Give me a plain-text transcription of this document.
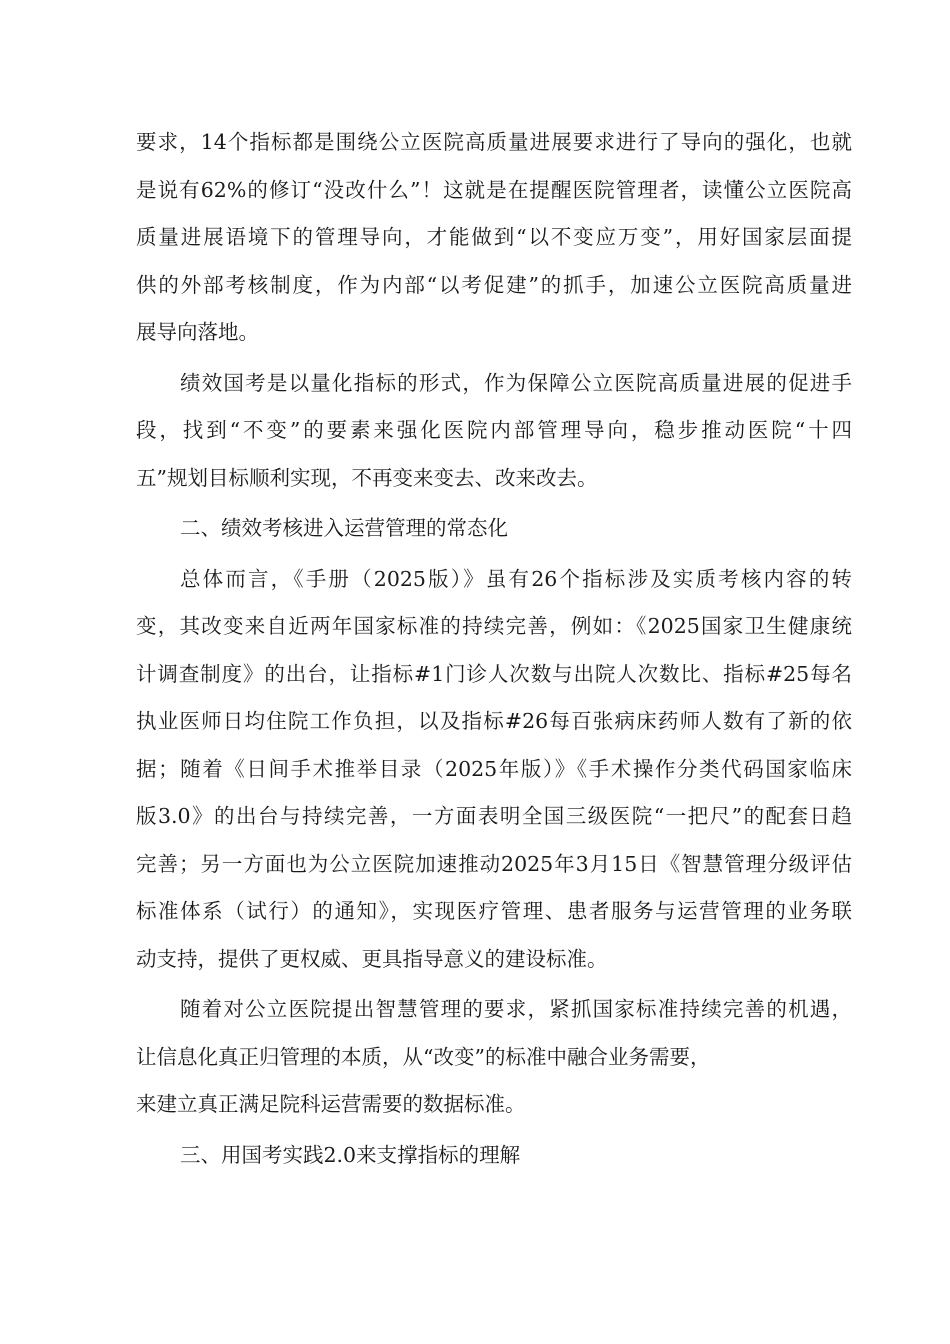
要求，14个指标都是围绕公立医院高质量进展要求进行了导向的强化，也就
是说有62%的修订“没改什么”！这就是在提醒医院管理者，读懂公立医院高
质量进展语境下的管理导向，才能做到“以不变应万变”，用好国家层面提
供的外部考核制度，作为内部“以考促建”的抓手，加速公立医院高质量进
展导向落地。
绩效国考是以量化指标的形式，作为保障公立医院高质量进展的促进手
段，找到“不变”的要素来强化医院内部管理导向，稳步推动医院“十四
五”规划目标顺利实现，不再变来变去、改来改去。
二、绩效考核进入运营管理的常态化
总体而言，《手册（2025版）》虽有26个指标涉及实质考核内容的转
变，其改变来自近两年国家标准的持续完善，例如：《2025国家卫生健康统
计调查制度》的出台，让指标#1门诊人次数与出院人次数比、指标#25每名
执业医师日均住院工作负担，以及指标#26每百张病床药师人数有了新的依
据；随着《日间手术推举目录（2025年版）》《手术操作分类代码国家临床
版3.0》的出台与持续完善，一方面表明全国三级医院“一把尺”的配套日趋
完善；另一方面也为公立医院加速推动2025年3月15日《智慧管理分级评估
标准体系（试行）的通知》，实现医疗管理、患者服务与运营管理的业务联
动支持，提供了更权威、更具指导意义的建设标准。
随着对公立医院提出智慧管理的要求，紧抓国家标准持续完善的机遇，
让信息化真正归管理的本质，从“改变”的标准中融合业务需要，
来建立真正满足院科运营需要的数据标准。
三、用国考实践2.0来支撑指标的理解
